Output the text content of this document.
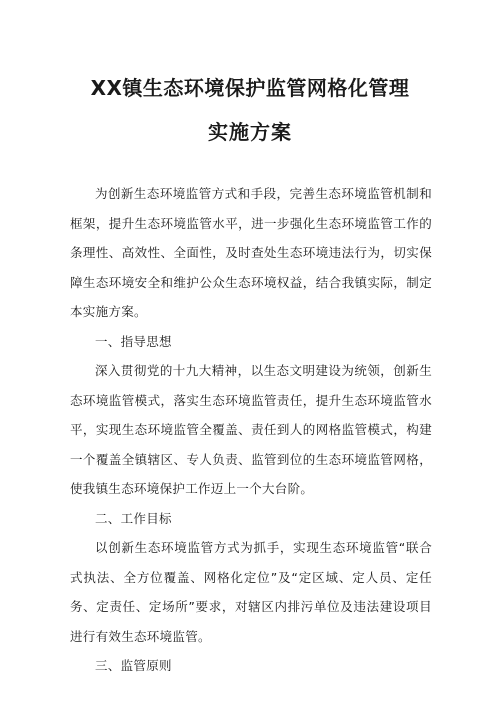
XX镇生态环境保护监管网格化管理
实施方案

为创新生态环境监管方式和手段，完善生态环境监管机制和框架，提升生态环境监管水平，进一步强化生态环境监管工作的条理性、高效性、全面性，及时查处生态环境违法行为，切实保障生态环境安全和维护公众生态环境权益，结合我镇实际，制定本实施方案。

一、指导思想

深入贯彻党的十九大精神，以生态文明建设为统领，创新生态环境监管模式，落实生态环境监管责任，提升生态环境监管水平，实现生态环境监管全覆盖、责任到人的网格监管模式，构建一个覆盖全镇辖区、专人负责、监管到位的生态环境监管网格，使我镇生态环境保护工作迈上一个大台阶。

二、工作目标

以创新生态环境监管方式为抓手，实现生态环境监管“联合式执法、全方位覆盖、网格化定位”及“定区域、定人员、定任务、定责任、定场所”要求，对辖区内排污单位及违法建设项目进行有效生态环境监管。

三、监管原则
